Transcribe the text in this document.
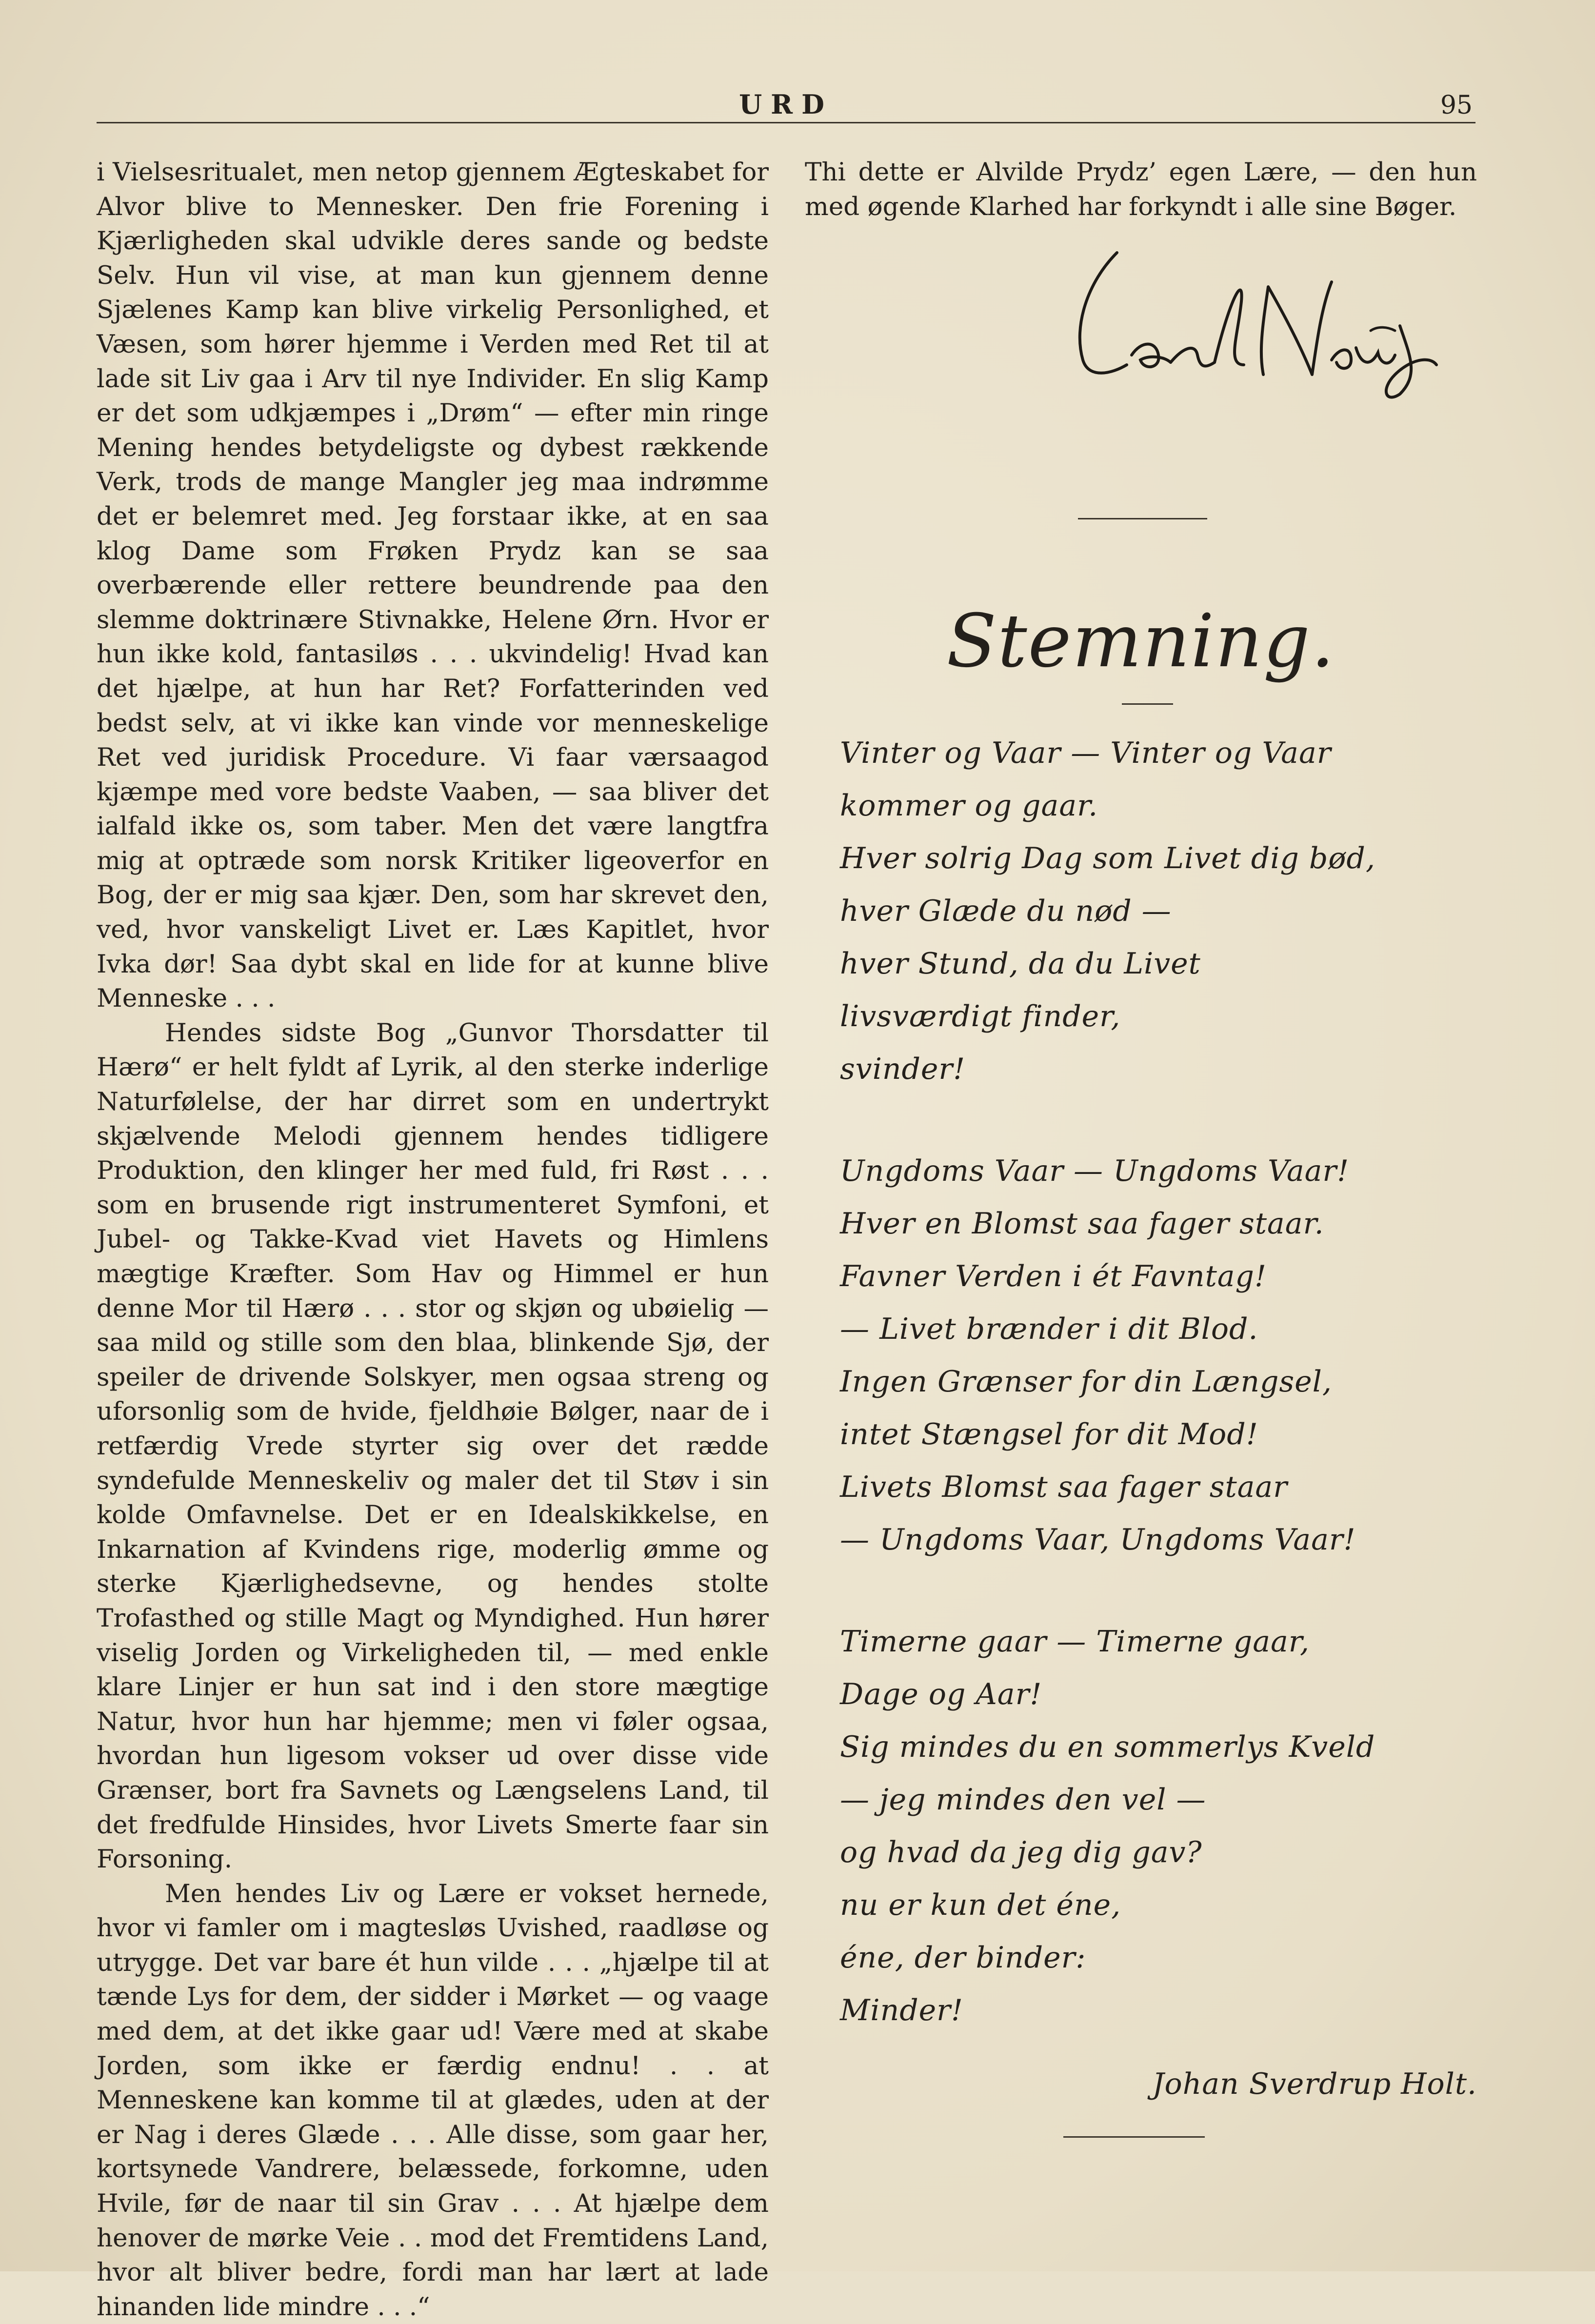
URD	95

i Vielsesritualet, men netop gjennem Ægteskabet for Alvor blive to Mennesker. Den frie Forening i Kjærligheden skal udvikle deres sande og bedste Selv. Hun vil vise, at man kun gjennem denne Sjælenes Kamp kan blive virkelig Personlighed, et Væsen, som hører hjemme i Verden med Ret til at lade sit Liv gaa i Arv til nye Individer. En slig Kamp er det som udkjæmpes i „Drøm“ — efter min ringe Mening hendes betydeligste og dybest rækkende Verk, trods de mange Mangler jeg maa indrømme det er belemret med. Jeg forstaar ikke, at en saa klog Dame som Frøken Prydz kan se saa overbærende eller rettere beundrende paa den slemme doktrinære Stivnakke, Helene Ørn. Hvor er hun ikke kold, fantasiløs . . . ukvindelig! Hvad kan det hjælpe, at hun har Ret? Forfatterinden ved bedst selv, at vi ikke kan vinde vor menneskelige Ret ved juridisk Procedure. Vi faar værsaagod kjæmpe med vore bedste Vaaben, — saa bliver det ialfald ikke os, som taber. Men det være langtfra mig at optræde som norsk Kritiker ligeoverfor en Bog, der er mig saa kjær. Den, som har skrevet den, ved, hvor vanskeligt Livet er. Læs Kapitlet, hvor Ivka dør! Saa dybt skal en lide for at kunne blive Menneske . . .

Hendes sidste Bog „Gunvor Thorsdatter til Hærø“ er helt fyldt af Lyrik, al den sterke inderlige Naturfølelse, der har dirret som en undertrykt skjælvende Melodi gjennem hendes tidligere Produktion, den klinger her med fuld, fri Røst . . . som en brusende rigt instrumenteret Symfoni, et Jubel- og Takke-Kvad viet Havets og Himlens mægtige Kræfter. Som Hav og Himmel er hun denne Mor til Hærø . . . stor og skjøn og ubøielig — saa mild og stille som den blaa, blinkende Sjø, der speiler de drivende Solskyer, men ogsaa streng og uforsonlig som de hvide, fjeldhøie Bølger, naar de i retfærdig Vrede styrter sig over det rædde syndefulde Menneskeliv og maler det til Støv i sin kolde Omfavnelse. Det er en Idealskikkelse, en Inkarnation af Kvindens rige, moderlig ømme og sterke Kjærlighedsevne, og hendes stolte Trofasthed og stille Magt og Myndighed. Hun hører viselig Jorden og Virkeligheden til, — med enkle klare Linjer er hun sat ind i den store mægtige Natur, hvor hun har hjemme; men vi føler ogsaa, hvordan hun ligesom vokser ud over disse vide Grænser, bort fra Savnets og Længselens Land, til det fredfulde Hinsides, hvor Livets Smerte faar sin Forsoning.

Men hendes Liv og Lære er vokset hernede, hvor vi famler om i magtesløs Uvished, raadløse og utrygge. Det var bare ét hun vilde . . . „hjælpe til at tænde Lys for dem, der sidder i Mørket — og vaage med dem, at det ikke gaar ud! Være med at skabe Jorden, som ikke er færdig endnu! . . at Menneskene kan komme til at glædes, uden at der er Nag i deres Glæde . . . Alle disse, som gaar her, kortsynede Vandrere, belæssede, forkomne, uden Hvile, før de naar til sin Grav . . . At hjælpe dem henover de mørke Veie . . mod det Fremtidens Land, hvor alt bliver bedre, fordi man har lært at lade hinanden lide mindre . . .“

Thi dette er Alvilde Prydz’ egen Lære, — den hun med øgende Klarhed har forkyndt i alle sine Bøger.

Stemning.
Vinter og Vaar — Vinter og Vaar
kommer og gaar.
Hver solrig Dag som Livet dig bød,
hver Glæde du nød —
hver Stund, da du Livet
livsværdigt finder,
svinder!
Ungdoms Vaar — Ungdoms Vaar!
Hver en Blomst saa fager staar.
Favner Verden i ét Favntag!
— Livet brænder i dit Blod.
Ingen Grænser for din Længsel,
intet Stængsel for dit Mod!
Livets Blomst saa fager staar
— Ungdoms Vaar, Ungdoms Vaar!
Timerne gaar — Timerne gaar,
Dage og Aar!
Sig mindes du en sommerlys Kveld
— jeg mindes den vel —
og hvad da jeg dig gav?
nu er kun det éne,
éne, der binder:
Minder!
Johan Sverdrup Holt.
